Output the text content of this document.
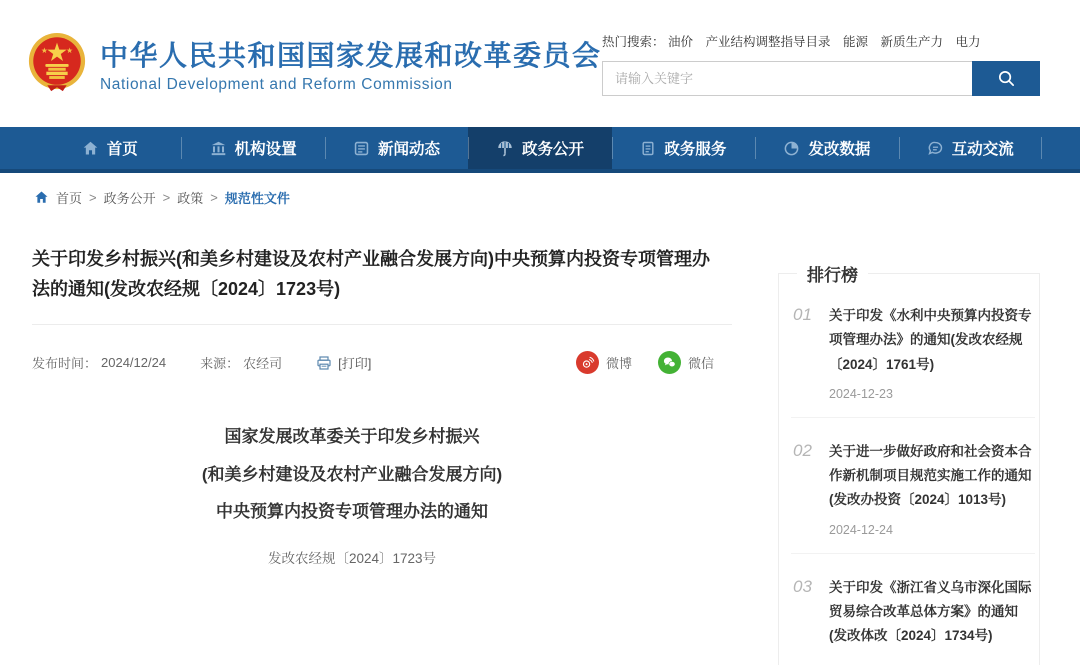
中华人民共和国国家发展和改革委员会
National Development and Reform Commission
热门搜索： 油价 产业结构调整指导目录 能源 新质生产力 电力
请输入关键字
首页	机构设置	新闻动态	政务公开	政务服务	发改数据	互动交流
首页 > 政务公开 > 政策 > 规范性文件
关于印发乡村振兴(和美乡村建设及农村产业融合发展方向)中央预算内投资专项管理办法的通知(发改农经规〔2024〕1723号)
发布时间： 2024/12/24	来源： 农经司	[打印]	微博	微信
国家发展改革委关于印发乡村振兴
(和美乡村建设及农村产业融合发展方向)
中央预算内投资专项管理办法的通知
发改农经规〔2024〕1723号
排行榜
01	关于印发《水利中央预算内投资专项管理办法》的通知(发改农经规〔2024〕1761号)
2024-12-23
02	关于进一步做好政府和社会资本合作新机制项目规范实施工作的通知(发改办投资〔2024〕1013号)
2024-12-24
03	关于印发《浙江省义乌市深化国际贸易综合改革总体方案》的通知(发改体改〔2024〕1734号)
